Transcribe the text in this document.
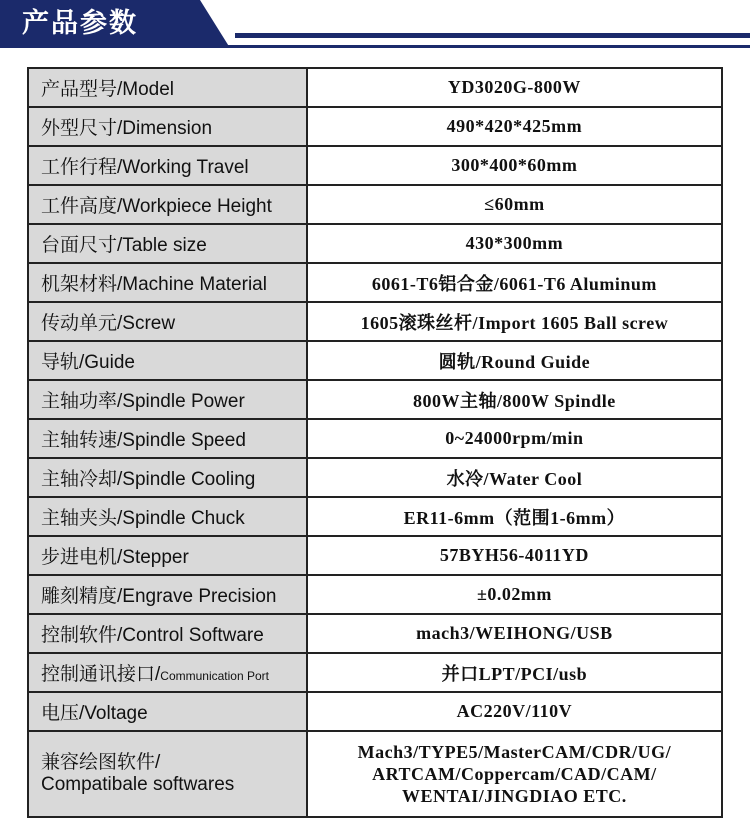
产品参数
产品型号/Model	YD3020G-800W
外型尺寸/Dimension	490*420*425mm
工作行程/Working Travel	300*400*60mm
工件高度/Workpiece Height	≤60mm
台面尺寸/Table size	430*300mm
机架材料/Machine Material	6061-T6铝合金/6061-T6 Aluminum
传动单元/Screw	1605滚珠丝杆/Import 1605 Ball screw
导轨/Guide	圆轨/Round Guide
主轴功率/Spindle Power	800W主轴/800W Spindle
主轴转速/Spindle Speed	0~24000rpm/min
主轴冷却/Spindle Cooling	水冷/Water Cool
主轴夹头/Spindle Chuck	ER11-6mm（范围1-6mm）
步进电机/Stepper	57BYH56-4011YD
雕刻精度/Engrave Precision	±0.02mm
控制软件/Control Software	mach3/WEIHONG/USB
控制通讯接口/Communication Port	并口LPT/PCI/usb
电压/Voltage	AC220V/110V

兼容绘图软件/
Compatibale softwares	Mach3/TYPE5/MasterCAM/CDR/UG/
ARTCAM/Coppercam/CAD/CAM/
WENTAI/JINGDIAO ETC.
